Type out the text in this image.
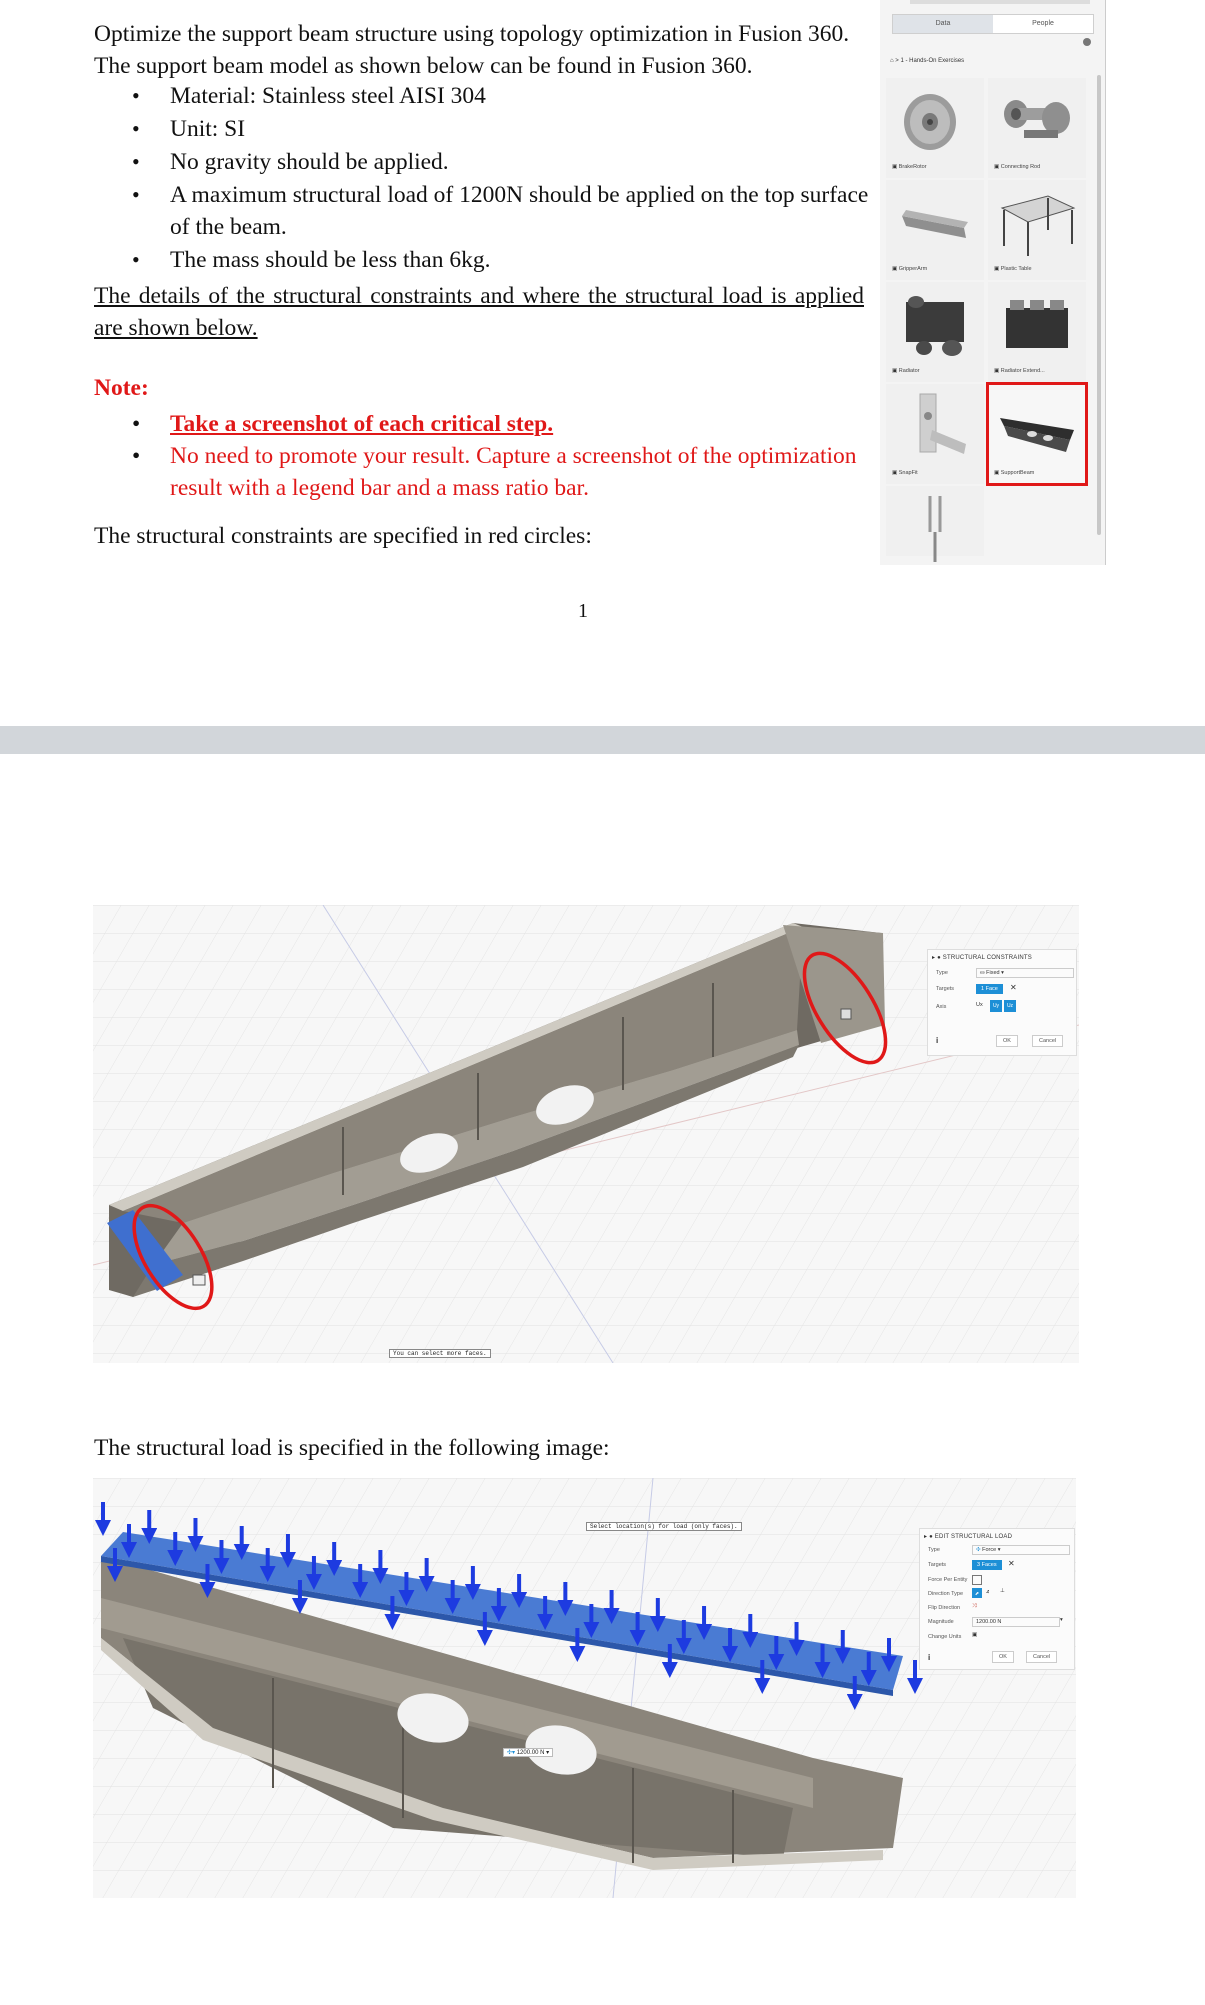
Optimize the support beam structure using topology optimization in Fusion 360. The support beam model as shown below can be found in Fusion 360.

• Material: Stainless steel AISI 304
• Unit: SI
• No gravity should be applied.
• A maximum structural load of 1200N should be applied on the top surface of the beam.
• The mass should be less than 6kg.

The details of the structural constraints and where the structural load is applied are shown below.

Note:
• Take a screenshot of each critical step.
• No need to promote your result. Capture a screenshot of the optimization result with a legend bar and a mass ratio bar.

The structural constraints are specified in red circles:

1
Data	People
⌂ > 1 - Hands-On Exercises
▣ BrakeRotor	▣ Connecting Rod
▣ GripperArm	▣ Plastic Table
▣ Radiator	▣ Radiator Extend...
▣ SnapFit	▣ SupportBeam
You can select more faces.
▸ ● STRUCTURAL CONSTRAINTS
Type	⛀ Fixed ▾
Targets	1 Face	✕
Axis	Ux	Uy	Uz
i	OK	Cancel

The structural load is specified in the following image:

Select location(s) for load (only faces).
✣▾ 1200.00 N ▾
▸ ● EDIT STRUCTURAL LOAD
Type	✣ Force ▾
Targets	3 Faces	✕
Force Per Entity
Direction Type	⬈	⦨ ⊥
Flip Direction ⤨
Magnitude	1200.00 N	▾
Change Units ▣
i	OK	Cancel
